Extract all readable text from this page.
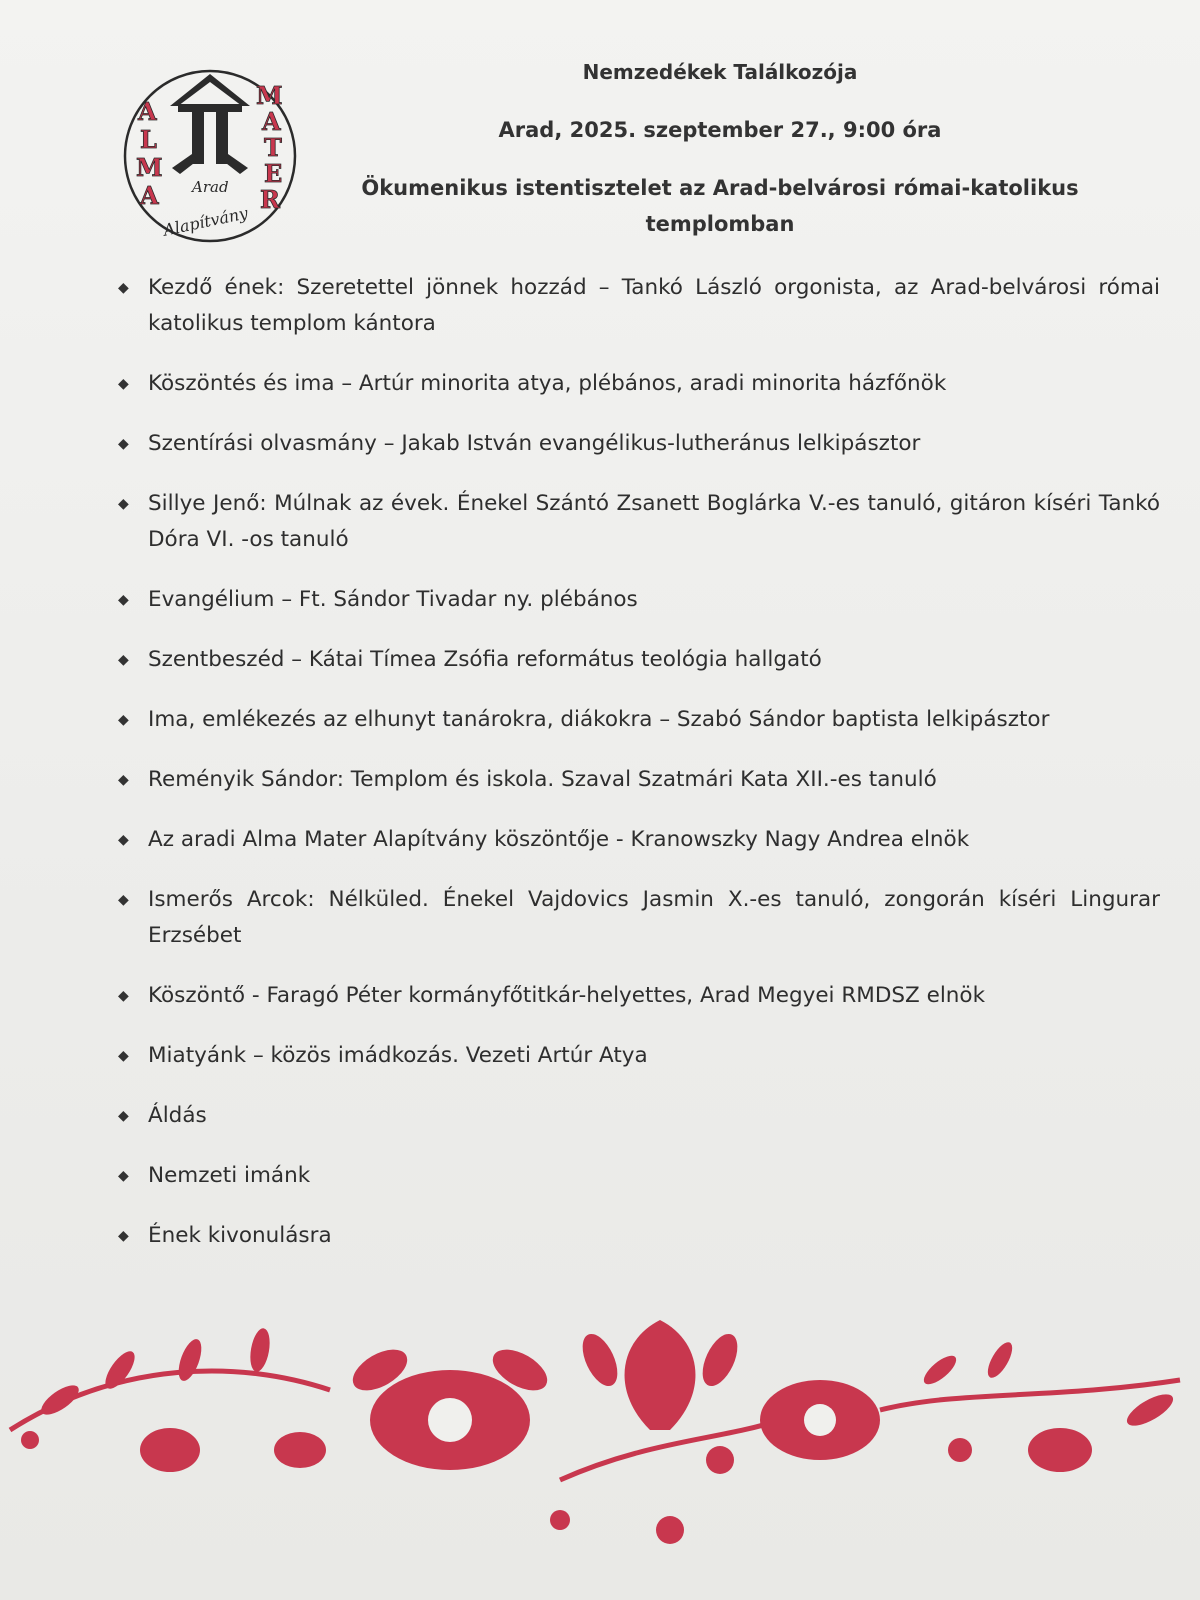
A
L
M
A
M
A
T
E
R
Arad
Alapítvány
Nemzedékek Találkozója
Arad, 2025. szeptember 27., 9:00 óra
Ökumenikus istentisztelet az Arad-belvárosi római-katolikus
templomban
◆ Kezdő ének: Szeretettel jönnek hozzád – Tankó László orgonista, az Arad-belvárosi római katolikus templom kántora
◆ Köszöntés és ima – Artúr minorita atya, plébános, aradi minorita házfőnök
◆ Szentírási olvasmány – Jakab István evangélikus-lutheránus lelkipásztor
◆ Sillye Jenő: Múlnak az évek. Énekel Szántó Zsanett Boglárka V.-es tanuló, gitáron kíséri Tankó Dóra VI. -os tanuló
◆ Evangélium – Ft. Sándor Tivadar ny. plébános
◆ Szentbeszéd – Kátai Tímea Zsófia református teológia hallgató
◆ Ima, emlékezés az elhunyt tanárokra, diákokra – Szabó Sándor baptista lelkipásztor
◆ Reményik Sándor: Templom és iskola. Szaval Szatmári Kata XII.-es tanuló
◆ Az aradi Alma Mater Alapítvány köszöntője - Kranowszky Nagy Andrea elnök
◆ Ismerős Arcok: Nélküled. Énekel Vajdovics Jasmin X.-es tanuló, zongorán kíséri Lingurar Erzsébet
◆ Köszöntő - Faragó Péter kormányfőtitkár-helyettes, Arad Megyei RMDSZ elnök
◆ Miatyánk – közös imádkozás. Vezeti Artúr Atya
◆ Áldás
◆ Nemzeti imánk
◆ Ének kivonulásra
